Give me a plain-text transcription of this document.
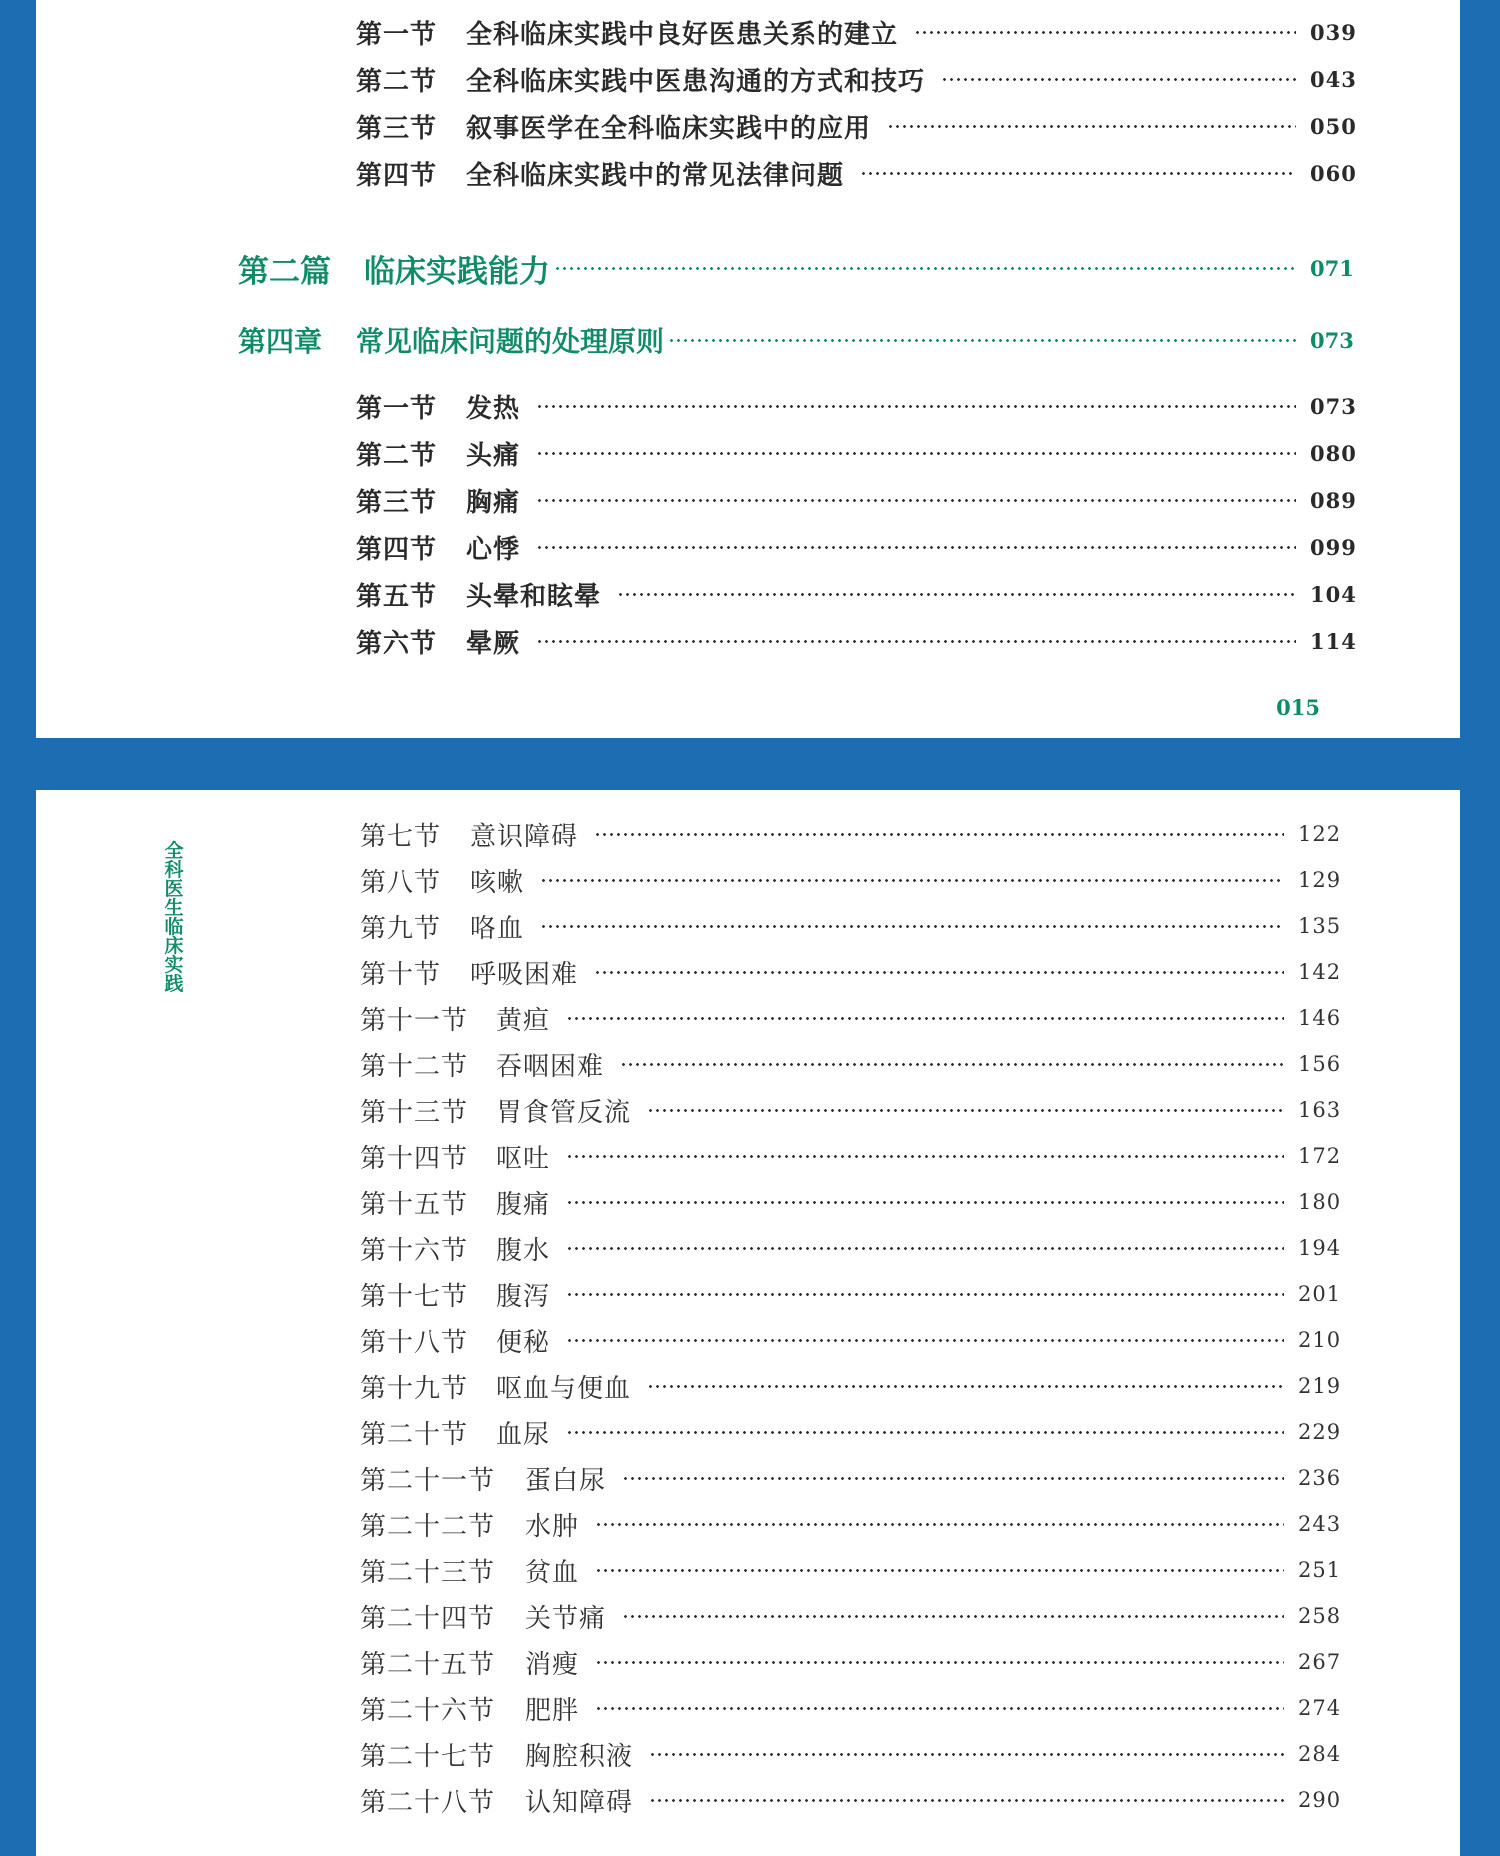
第一节	全科临床实践中良好医患关系的建立	039
第二节	全科临床实践中医患沟通的方式和技巧	043
第三节	叙事医学在全科临床实践中的应用	050
第四节	全科临床实践中的常见法律问题	060
第二篇	临床实践能力	071
第四章	常见临床问题的处理原则	073
第一节	发热	073
第二节	头痛	080
第三节	胸痛	089
第四节	心悸	099
第五节	头晕和眩晕	104
第六节	晕厥	114
015
全科医生临床实践
第七节	意识障碍	122
第八节	咳嗽	129
第九节	咯血	135
第十节	呼吸困难	142
第十一节	黄疸	146
第十二节	吞咽困难	156
第十三节	胃食管反流	163
第十四节	呕吐	172
第十五节	腹痛	180
第十六节	腹水	194
第十七节	腹泻	201
第十八节	便秘	210
第十九节	呕血与便血	219
第二十节	血尿	229
第二十一节	蛋白尿	236
第二十二节	水肿	243
第二十三节	贫血	251
第二十四节	关节痛	258
第二十五节	消瘦	267
第二十六节	肥胖	274
第二十七节	胸腔积液	284
第二十八节	认知障碍	290
